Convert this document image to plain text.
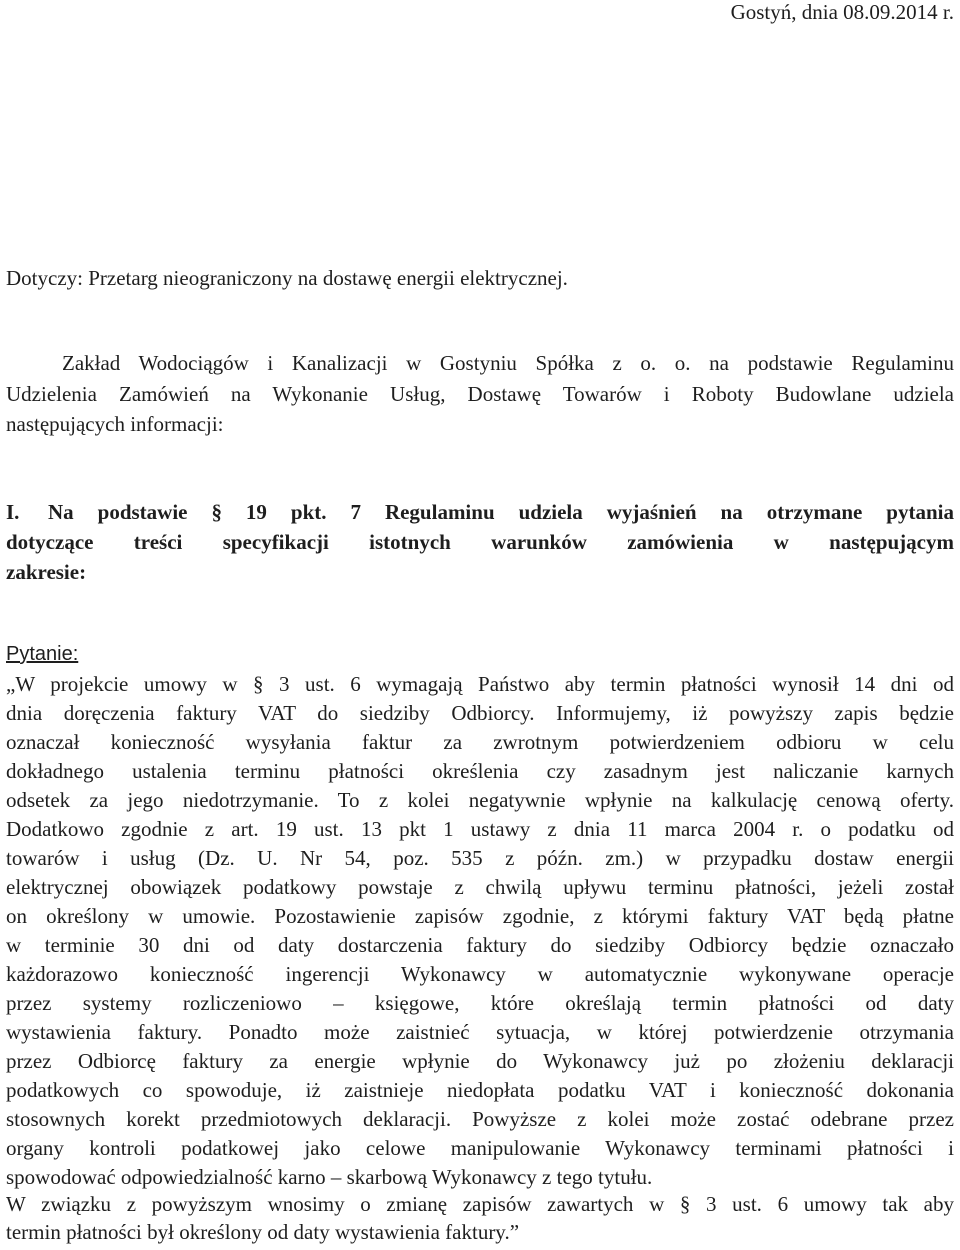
Gostyń, dnia 08.09.2014 r.
Dotyczy: Przetarg nieograniczony na dostawę energii elektrycznej.
Zakład Wodociągów i Kanalizacji w Gostyniu Spółka z o. o. na podstawie Regulaminu
Udzielenia Zamówień na Wykonanie Usług, Dostawę Towarów i Roboty Budowlane udziela
następujących informacji:
I. Na podstawie § 19 pkt. 7 Regulaminu udziela wyjaśnień na otrzymane pytania
dotyczące treści specyfikacji istotnych warunków zamówienia w następującym
zakresie:
Pytanie:
„W projekcie umowy w § 3 ust. 6 wymagają Państwo aby termin płatności wynosił 14 dni od
dnia doręczenia faktury VAT do siedziby Odbiorcy. Informujemy, iż powyższy zapis będzie
oznaczał konieczność wysyłania faktur za zwrotnym potwierdzeniem odbioru w celu
dokładnego ustalenia terminu płatności określenia czy zasadnym jest naliczanie karnych
odsetek za jego niedotrzymanie. To z kolei negatywnie wpłynie na kalkulację cenową oferty.
Dodatkowo zgodnie z art. 19 ust. 13 pkt 1 ustawy z dnia 11 marca 2004 r. o podatku od
towarów i usług (Dz. U. Nr 54, poz. 535 z późn. zm.) w przypadku dostaw energii
elektrycznej obowiązek podatkowy powstaje z chwilą upływu terminu płatności, jeżeli został
on określony w umowie. Pozostawienie zapisów zgodnie, z którymi faktury VAT będą płatne
w terminie 30 dni od daty dostarczenia faktury do siedziby Odbiorcy będzie oznaczało
każdorazowo konieczność ingerencji Wykonawcy w automatycznie wykonywane operacje
przez systemy rozliczeniowo – księgowe, które określają termin płatności od daty
wystawienia faktury. Ponadto może zaistnieć sytuacja, w której potwierdzenie otrzymania
przez Odbiorcę faktury za energie wpłynie do Wykonawcy już po złożeniu deklaracji
podatkowych co spowoduje, iż zaistnieje niedopłata podatku VAT i konieczność dokonania
stosownych korekt przedmiotowych deklaracji. Powyższe z kolei może zostać odebrane przez
organy kontroli podatkowej jako celowe manipulowanie Wykonawcy terminami płatności i
spowodować odpowiedzialność karno – skarbową Wykonawcy z tego tytułu.
W związku z powyższym wnosimy o zmianę zapisów zawartych w § 3 ust. 6 umowy tak aby
termin płatności był określony od daty wystawienia faktury.”
